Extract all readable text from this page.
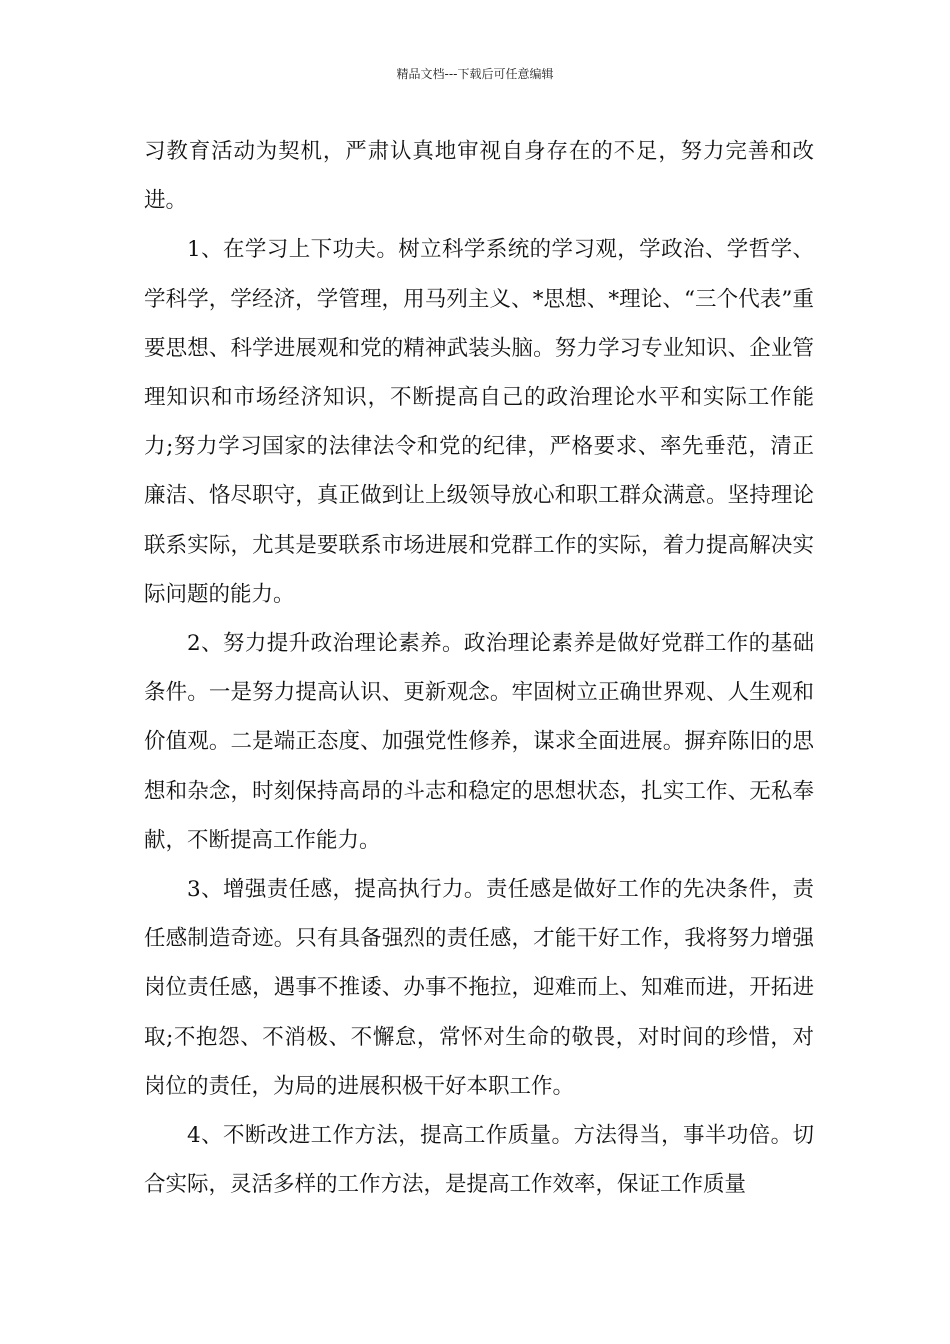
精品文档---下载后可任意编辑

习教育活动为契机，严肃认真地审视自身存在的不足，努力完善和改进。

1、在学习上下功夫。树立科学系统的学习观，学政治、学哲学、学科学，学经济，学管理，用马列主义、*思想、*理论、“三个代表”重要思想、科学进展观和党的精神武装头脑。努力学习专业知识、企业管理知识和市场经济知识，不断提高自己的政治理论水平和实际工作能力;努力学习国家的法律法令和党的纪律，严格要求、率先垂范，清正廉洁、恪尽职守，真正做到让上级领导放心和职工群众满意。坚持理论联系实际，尤其是要联系市场进展和党群工作的实际，着力提高解决实际问题的能力。

2、努力提升政治理论素养。政治理论素养是做好党群工作的基础条件。一是努力提高认识、更新观念。牢固树立正确世界观、人生观和价值观。二是端正态度、加强党性修养，谋求全面进展。摒弃陈旧的思想和杂念，时刻保持高昂的斗志和稳定的思想状态，扎实工作、无私奉献，不断提高工作能力。

3、增强责任感，提高执行力。责任感是做好工作的先决条件，责任感制造奇迹。只有具备强烈的责任感，才能干好工作，我将努力增强岗位责任感，遇事不推诿、办事不拖拉，迎难而上、知难而进，开拓进取;不抱怨、不消极、不懈怠，常怀对生命的敬畏，对时间的珍惜，对岗位的责任，为局的进展积极干好本职工作。

4、不断改进工作方法，提高工作质量。方法得当，事半功倍。切合实际，灵活多样的工作方法，是提高工作效率，保证工作质量
